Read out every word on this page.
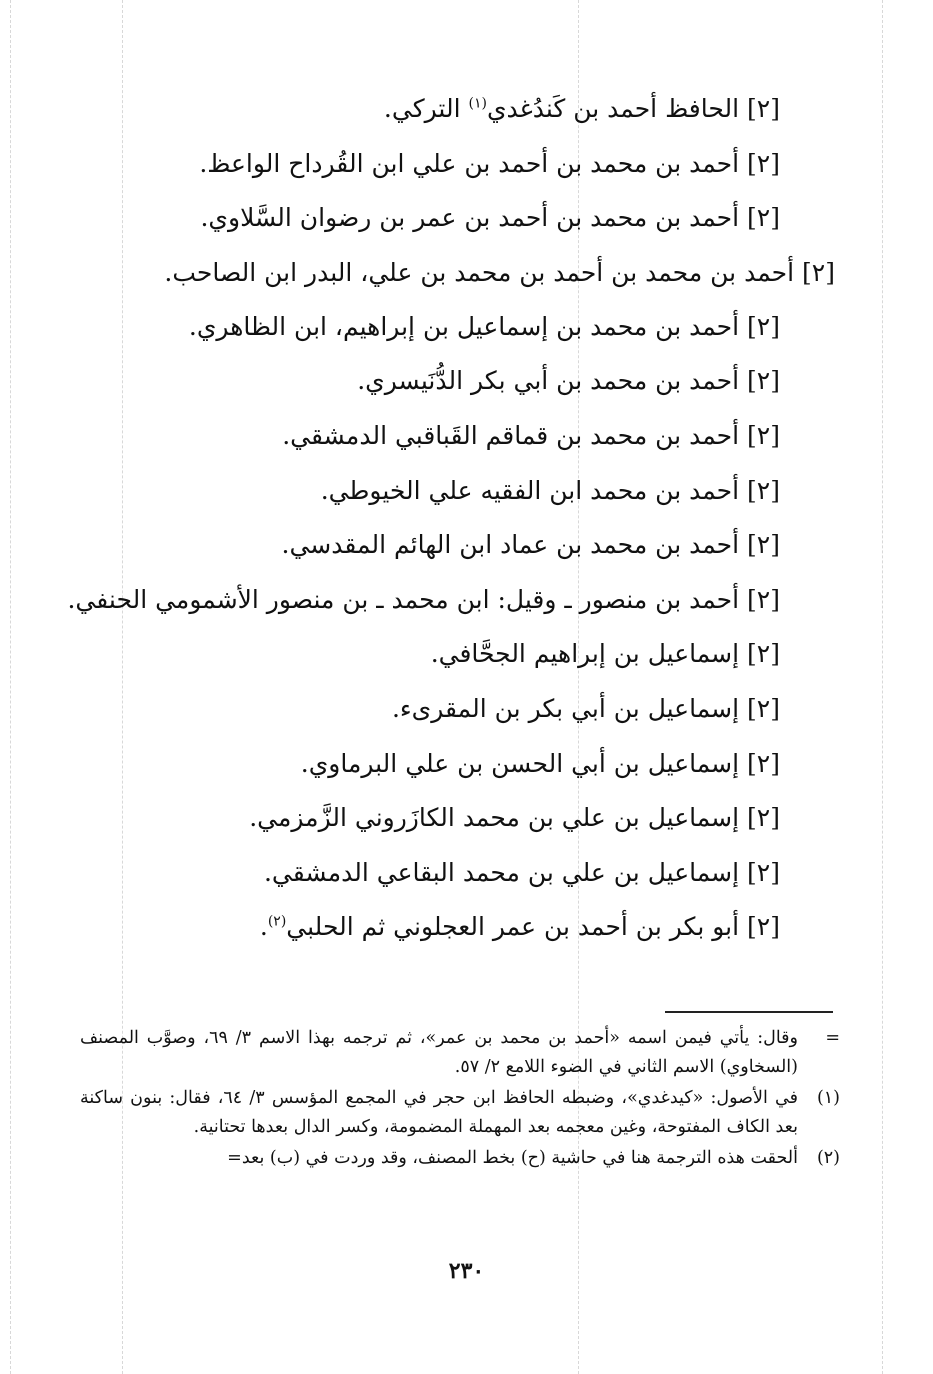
[٢] الحافظ أحمد بن كَندُغدي$^{(١)}$ التركي.
[٢] أحمد بن محمد بن أحمد بن علي ابن القُرداح الواعظ.
[٢] أحمد بن محمد بن أحمد بن عمر بن رضوان السَّلاوي.
[٢] أحمد بن محمد بن أحمد بن محمد بن علي، البدر ابن الصاحب.
[٢] أحمد بن محمد بن إسماعيل بن إبراهيم، ابن الظاهري.
[٢] أحمد بن محمد بن أبي بكر الدُّنَيسري.
[٢] أحمد بن محمد بن قماقم القَباقبي الدمشقي.
[٢] أحمد بن محمد ابن الفقيه علي الخيوطي.
[٢] أحمد بن محمد بن عماد ابن الهائم المقدسي.
[٢] أحمد بن منصور ـ وقيل: ابن محمد ـ بن منصور الأشمومي الحنفي.
[٢] إسماعيل بن إبراهيم الجحَّافي.
[٢] إسماعيل بن أبي بكر بن المقرىء.
[٢] إسماعيل بن أبي الحسن بن علي البرماوي.
[٢] إسماعيل بن علي بن محمد الكازَروني الزَّمزمي.
[٢] إسماعيل بن علي بن محمد البقاعي الدمشقي.
[٢] أبو بكر بن أحمد بن عمر العجلوني ثم الحلبي$^{(٢)}$.
=
وقال: يأتي فيمن اسمه «أحمد بن محمد بن عمر»، ثم ترجمه بهذا الاسم ٣/ ٦٩، وصوَّب المصنف (السخاوي) الاسم الثاني في الضوء اللامع ٢/ ٥٧.
(١)
في الأصول: «كيدغدي»، وضبطه الحافظ ابن حجر في المجمع المؤسس ٣/ ٦٤، فقال: بنون ساكنة بعد الكاف المفتوحة، وغين معجمه بعد المهملة المضمومة، وكسر الدال بعدها تحتانية.
(٢)
ألحقت هذه الترجمة هنا في حاشية (ح) بخط المصنف، وقد وردت في (ب) بعد=
٢٣٠
